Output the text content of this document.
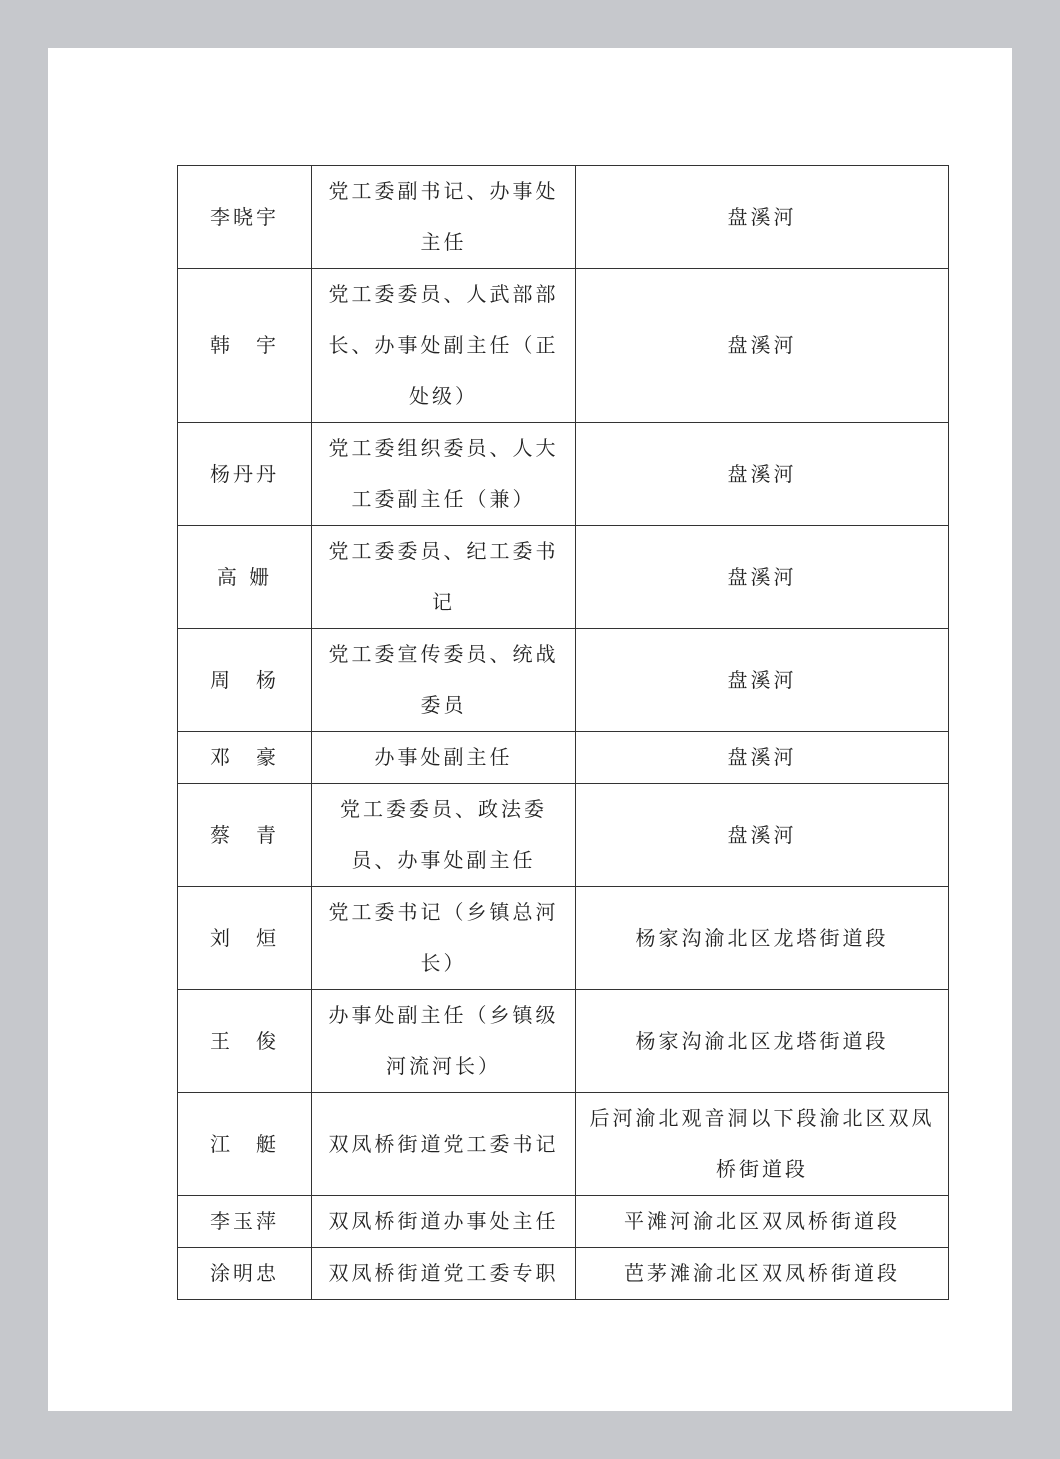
李晓宇	党工委副书记、办事处主任	盘溪河
韩　宇	党工委委员、人武部部长、办事处副主任（正处级）	盘溪河
杨丹丹	党工委组织委员、人大工委副主任（兼）	盘溪河
高 姗	党工委委员、纪工委书记	盘溪河
周　杨	党工委宣传委员、统战委员	盘溪河
邓　豪	办事处副主任	盘溪河
蔡　青	党工委委员、政法委员、办事处副主任	盘溪河
刘　烜	党工委书记（乡镇总河长）	杨家沟渝北区龙塔街道段
王　俊	办事处副主任（乡镇级河流河长）	杨家沟渝北区龙塔街道段
江　艇	双凤桥街道党工委书记	后河渝北观音洞以下段渝北区双凤桥街道段
李玉萍	双凤桥街道办事处主任	平滩河渝北区双凤桥街道段
涂明忠	双凤桥街道党工委专职	芭茅滩渝北区双凤桥街道段
